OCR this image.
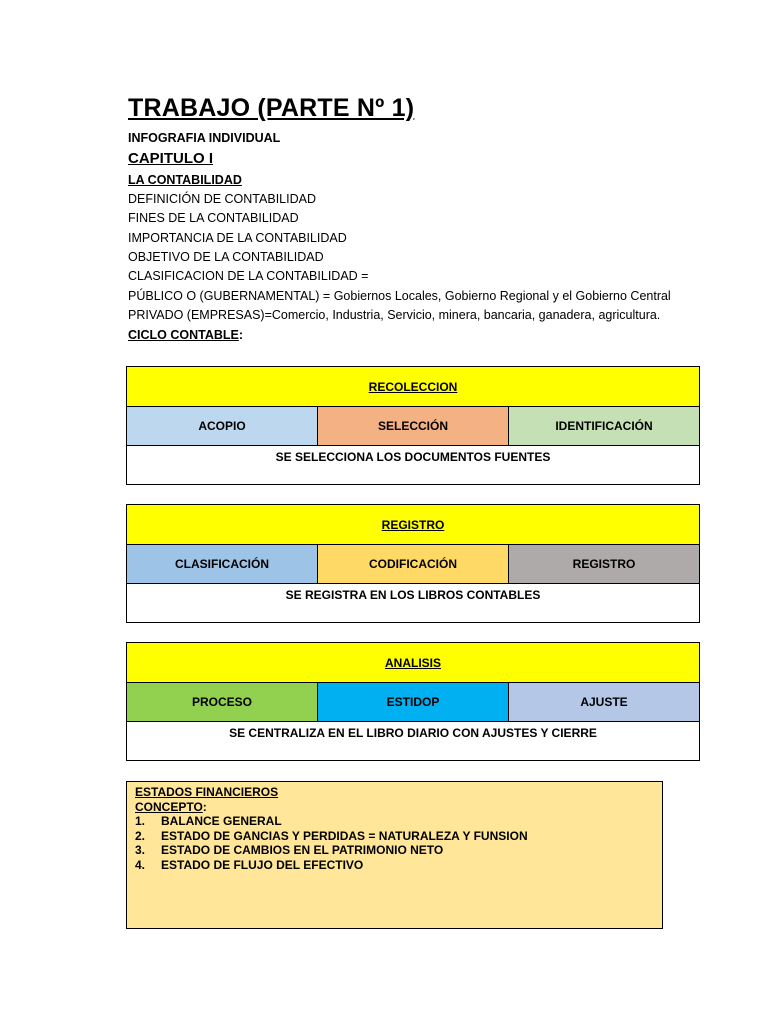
TRABAJO (PARTE Nº 1)
INFOGRAFIA INDIVIDUAL
CAPITULO I
LA CONTABILIDAD
DEFINICIÓN DE CONTABILIDAD
FINES DE LA CONTABILIDAD
IMPORTANCIA DE LA CONTABILIDAD
OBJETIVO DE LA CONTABILIDAD
CLASIFICACION DE LA CONTABILIDAD =
PÚBLICO O (GUBERNAMENTAL) = Gobiernos Locales, Gobierno Regional y el Gobierno Central
PRIVADO (EMPRESAS)=Comercio, Industria, Servicio, minera, bancaria, ganadera, agricultura.
CICLO CONTABLE:
RECOLECCION
ACOPIO	SELECCIÓN	IDENTIFICACIÓN
SE SELECCIONA LOS DOCUMENTOS FUENTES
REGISTRO
CLASIFICACIÓN	CODIFICACIÓN	REGISTRO
SE REGISTRA EN LOS LIBROS CONTABLES
ANALISIS
PROCESO	ESTIDOP	AJUSTE
SE CENTRALIZA EN EL LIBRO DIARIO CON AJUSTES Y CIERRE
ESTADOS FINANCIEROS
CONCEPTO:
1.	BALANCE GENERAL
2.	ESTADO DE GANCIAS Y PERDIDAS = NATURALEZA Y FUNSION
3.	ESTADO DE CAMBIOS EN EL PATRIMONIO NETO
4.	ESTADO DE FLUJO DEL EFECTIVO
